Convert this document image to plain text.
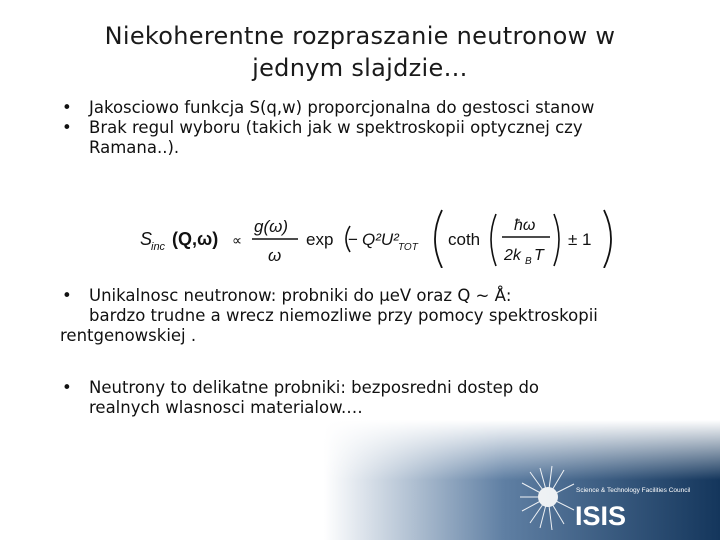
Niekoherentne rozpraszanie neutronow w
jednym slajdzie…
• Jakosciowo funkcja S(q,w) proporcjonalna do gestosci stanow
• Brak regul wyboru (takich jak w spektroskopii optycznej czy
Ramana..).
S
inc (Q,ω) ∝
g(ω)
ω
exp − Q²U² TOT coth
ħω
2k B T
± 1
• Unikalnosc neutronow: probniki do μeV oraz Q ~ Å:
bardzo trudne a wrecz niemozliwe przy pomocy spektroskopii
rentgenowskiej .
• Neutrony to delikatne probniki: bezposredni dostep do
realnych wlasnosci materialow.…
Science & Technology Facilities Council
ISIS
